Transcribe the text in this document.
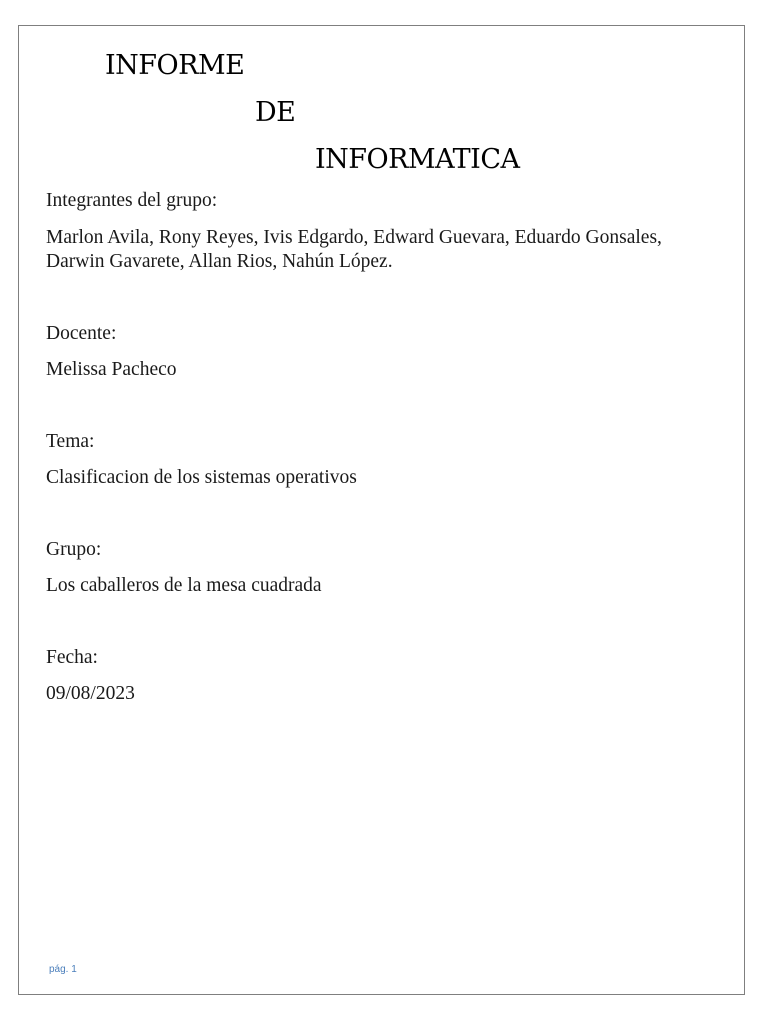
INFORME
DE
INFORMATICA
Integrantes del grupo:
Marlon Avila, Rony Reyes, Ivis Edgardo, Edward Guevara, Eduardo Gonsales, Darwin Gavarete, Allan Rios, Nahún López.
Docente:
Melissa Pacheco
Tema:
Clasificacion de los sistemas operativos
Grupo:
Los caballeros de la mesa cuadrada
Fecha:
09/08/2023
pág. 1
